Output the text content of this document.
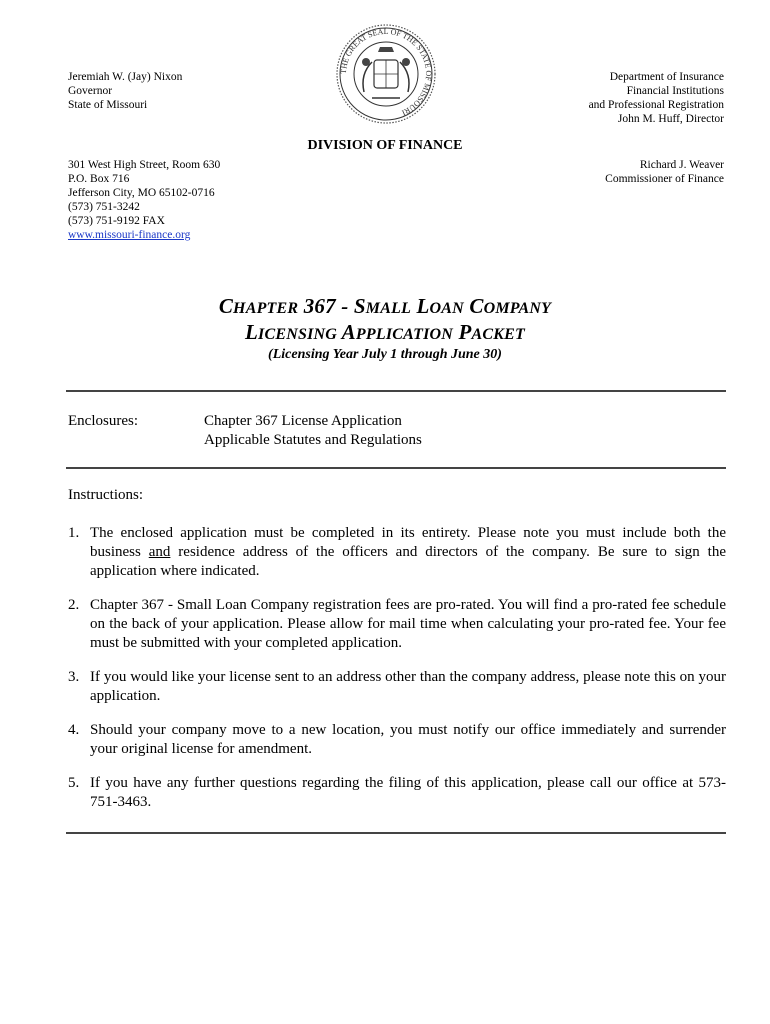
Jeremiah W. (Jay) Nixon
Governor
State of Missouri
THE GREAT SEAL OF THE STATE OF MISSOURI
Department of Insurance
Financial Institutions
and Professional Registration
John M. Huff, Director
DIVISION OF FINANCE
301 West High Street, Room 630
P.O. Box 716
Jefferson City, MO 65102-0716
(573) 751-3242
(573) 751-9192 FAX
www.missouri-finance.org
Richard J. Weaver
Commissioner of Finance
CHAPTER 367 - SMALL LOAN COMPANY
LICENSING APPLICATION PACKET
(Licensing Year July 1 through June 30)
Enclosures:	Chapter 367 License Application
Applicable Statutes and Regulations
Instructions:
1. The enclosed application must be completed in its entirety. Please note you must include both the business and residence address of the officers and directors of the company. Be sure to sign the application where indicated.
2. Chapter 367 - Small Loan Company registration fees are pro-rated. You will find a pro-rated fee schedule on the back of your application. Please allow for mail time when calculating your pro-rated fee. Your fee must be submitted with your completed application.
3. If you would like your license sent to an address other than the company address, please note this on your application.
4. Should your company move to a new location, you must notify our office immediately and surrender your original license for amendment.
5. If you have any further questions regarding the filing of this application, please call our office at 573-751-3463.
